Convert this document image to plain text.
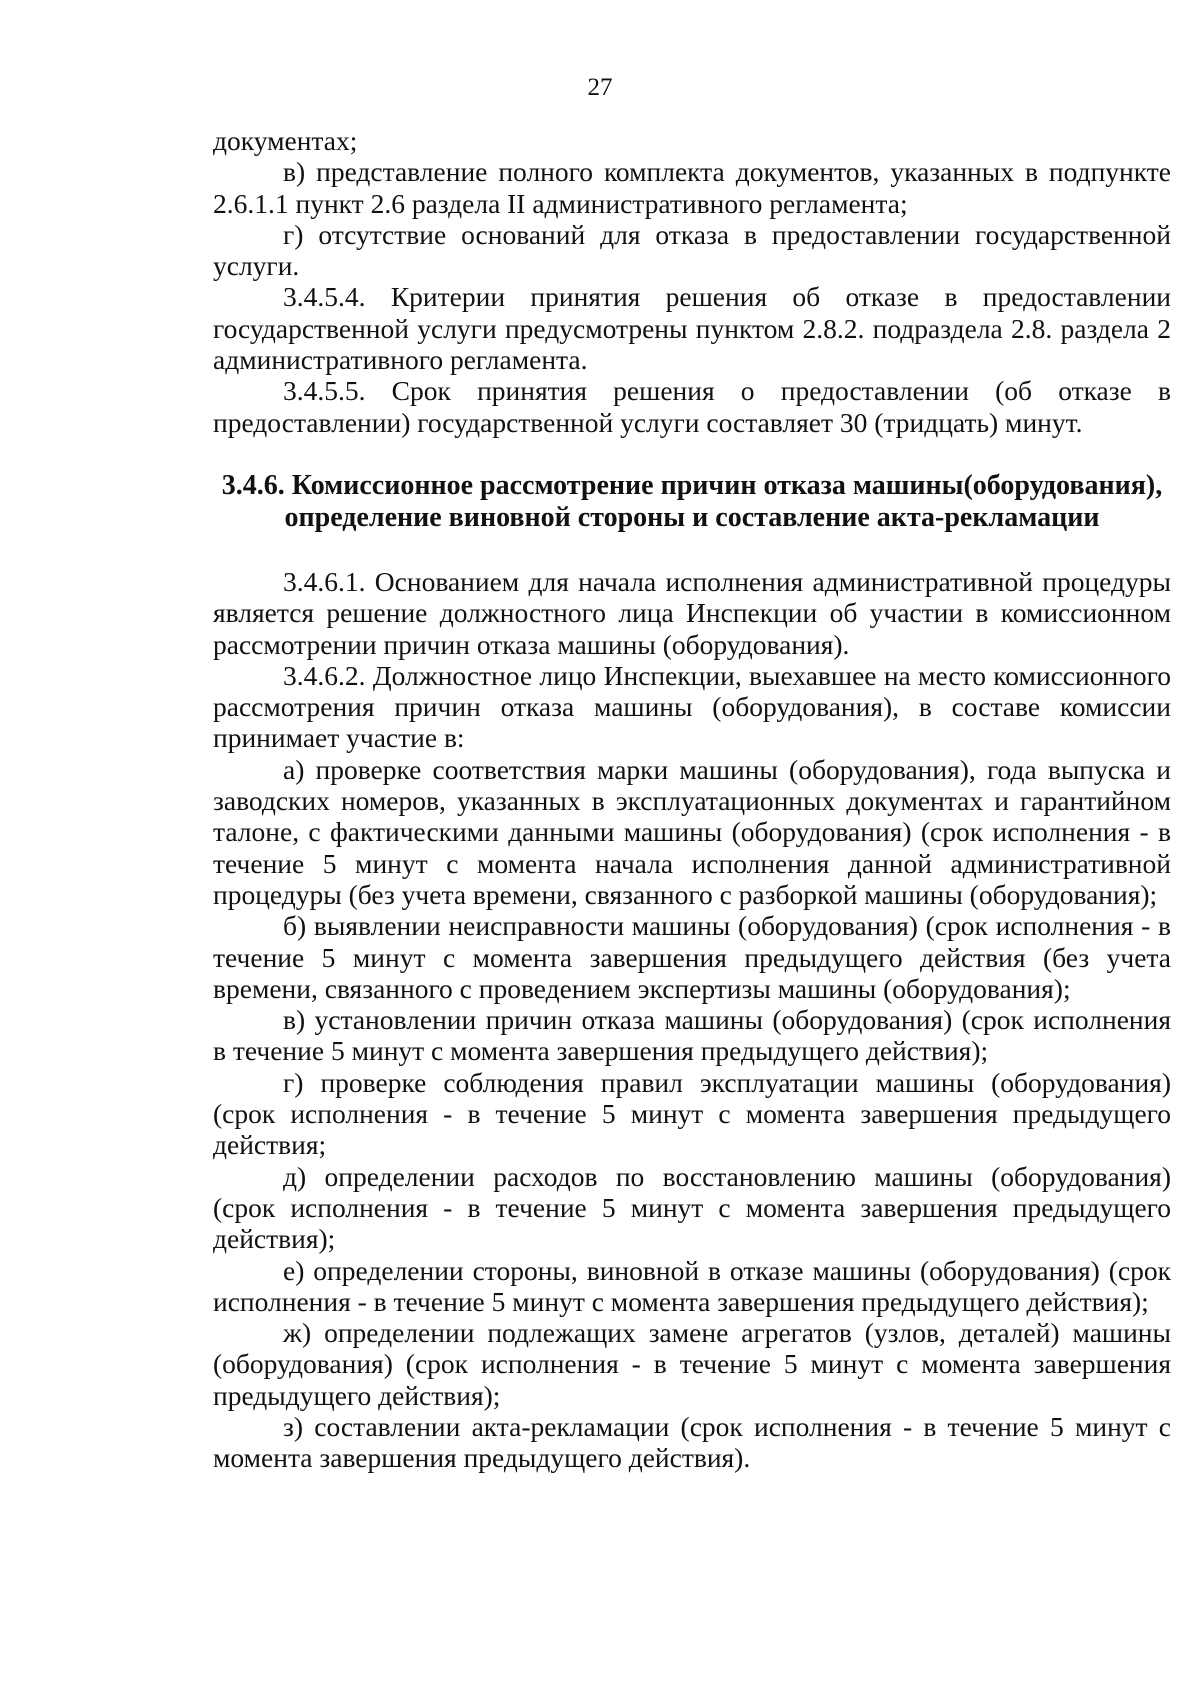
27

документах;

в) представление полного комплекта документов, указанных в подпункте 2.6.1.1 пункт 2.6 раздела II административного регламента;

г) отсутствие оснований для отказа в предоставлении государственной услуги.

3.4.5.4. Критерии принятия решения об отказе в предоставлении государственной услуги предусмотрены пунктом 2.8.2. подраздела 2.8. раздела 2 административного регламента.

3.4.5.5. Срок принятия решения о предоставлении (об отказе в предоставлении) государственной услуги составляет 30 (тридцать) минут.

3.4.6. Комиссионное рассмотрение причин отказа машины(оборудования),
определение виновной стороны и составление акта-рекламации

3.4.6.1. Основанием для начала исполнения административной процедуры является решение должностного лица Инспекции об участии в комиссионном рассмотрении причин отказа машины (оборудования).

3.4.6.2. Должностное лицо Инспекции, выехавшее на место комиссионного рассмотрения причин отказа машины (оборудования), в составе комиссии принимает участие в:

а) проверке соответствия марки машины (оборудования), года выпуска и заводских номеров, указанных в эксплуатационных документах и гарантийном талоне, с фактическими данными машины (оборудования) (срок исполнения - в течение 5 минут с момента начала исполнения данной административной процедуры (без учета времени, связанного с разборкой машины (оборудования);

б) выявлении неисправности машины (оборудования) (срок исполнения - в течение 5 минут с момента завершения предыдущего действия (без учета времени, связанного с проведением экспертизы машины (оборудования);

в) установлении причин отказа машины (оборудования) (срок исполнения в течение 5 минут с момента завершения предыдущего действия);

г) проверке соблюдения правил эксплуатации машины (оборудования) (срок исполнения - в течение 5 минут с момента завершения предыдущего действия;

д) определении расходов по восстановлению машины (оборудования) (срок исполнения - в течение 5 минут с момента завершения предыдущего действия);

е) определении стороны, виновной в отказе машины (оборудования) (срок исполнения - в течение 5 минут с момента завершения предыдущего действия);

ж) определении подлежащих замене агрегатов (узлов, деталей) машины (оборудования) (срок исполнения - в течение 5 минут с момента завершения предыдущего действия);

з) составлении акта-рекламации (срок исполнения - в течение 5 минут с момента завершения предыдущего действия).
